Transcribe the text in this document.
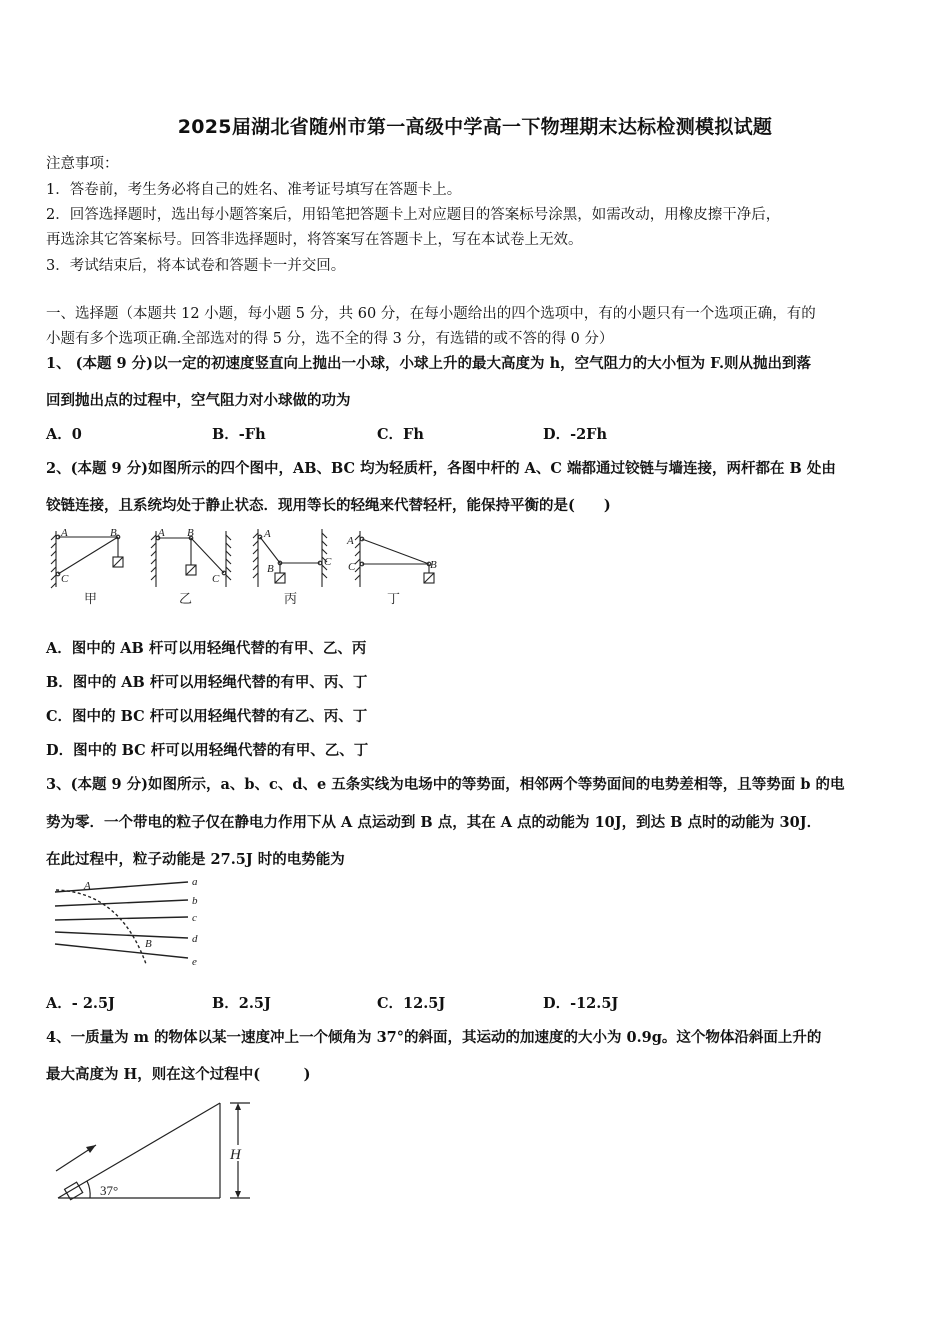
2025届湖北省随州市第一高级中学高一下物理期末达标检测模拟试题
注意事项：
1．答卷前，考生务必将自己的姓名、准考证号填写在答题卡上。
2．回答选择题时，选出每小题答案后，用铅笔把答题卡上对应题目的答案标号涂黑，如需改动，用橡皮擦干净后，
再选涂其它答案标号。回答非选择题时，将答案写在答题卡上，写在本试卷上无效。
3．考试结束后，将本试卷和答题卡一并交回。
一、选择题（本题共 12 小题，每小题 5 分，共 60 分，在每小题给出的四个选项中，有的小题只有一个选项正确，有的
小题有多个选项正确.全部选对的得 5 分，选不全的得 3 分，有选错的或不答的得 0 分）
1、 (本题 9 分)以一定的初速度竖直向上抛出一小球，小球上升的最大高度为 h，空气阻力的大小恒为 F.则从抛出到落
回到抛出点的过程中，空气阻力对小球做的功为
A．0	B．-Fh	C．Fh	D．-2Fh
2、(本题 9 分)如图所示的四个图中，AB、BC 均为轻质杆，各图中杆的 A、C 端都通过铰链与墙连接，两杆都在 B 处由
铰链连接，且系统均处于静止状态．现用等长的轻绳来代替轻杆，能保持平衡的是(　　)
A	B
C
A B
C
A
B
C
A
C	B
甲	乙	丙	丁
A．图中的 AB 杆可以用轻绳代替的有甲、乙、丙
B．图中的 AB 杆可以用轻绳代替的有甲、丙、丁
C．图中的 BC 杆可以用轻绳代替的有乙、丙、丁
D．图中的 BC 杆可以用轻绳代替的有甲、乙、丁
3、(本题 9 分)如图所示，a、b、c、d、e 五条实线为电场中的等势面，相邻两个等势面间的电势差相等，且等势面 b 的电
势为零．一个带电的粒子仅在静电力作用下从 A 点运动到 B 点，其在 A 点的动能为 10J，到达 B 点时的动能为 30J．
在此过程中，粒子动能是 27.5J 时的电势能为
a
b
c
d
e
A
B
A．- 2.5J	B．2.5J	C．12.5J	D．-12.5J
4、一质量为 m 的物体以某一速度冲上一个倾角为 37°的斜面，其运动的加速度的大小为 0.9g。这个物体沿斜面上升的
最大高度为 H，则在这个过程中(　　　)
37°
H
